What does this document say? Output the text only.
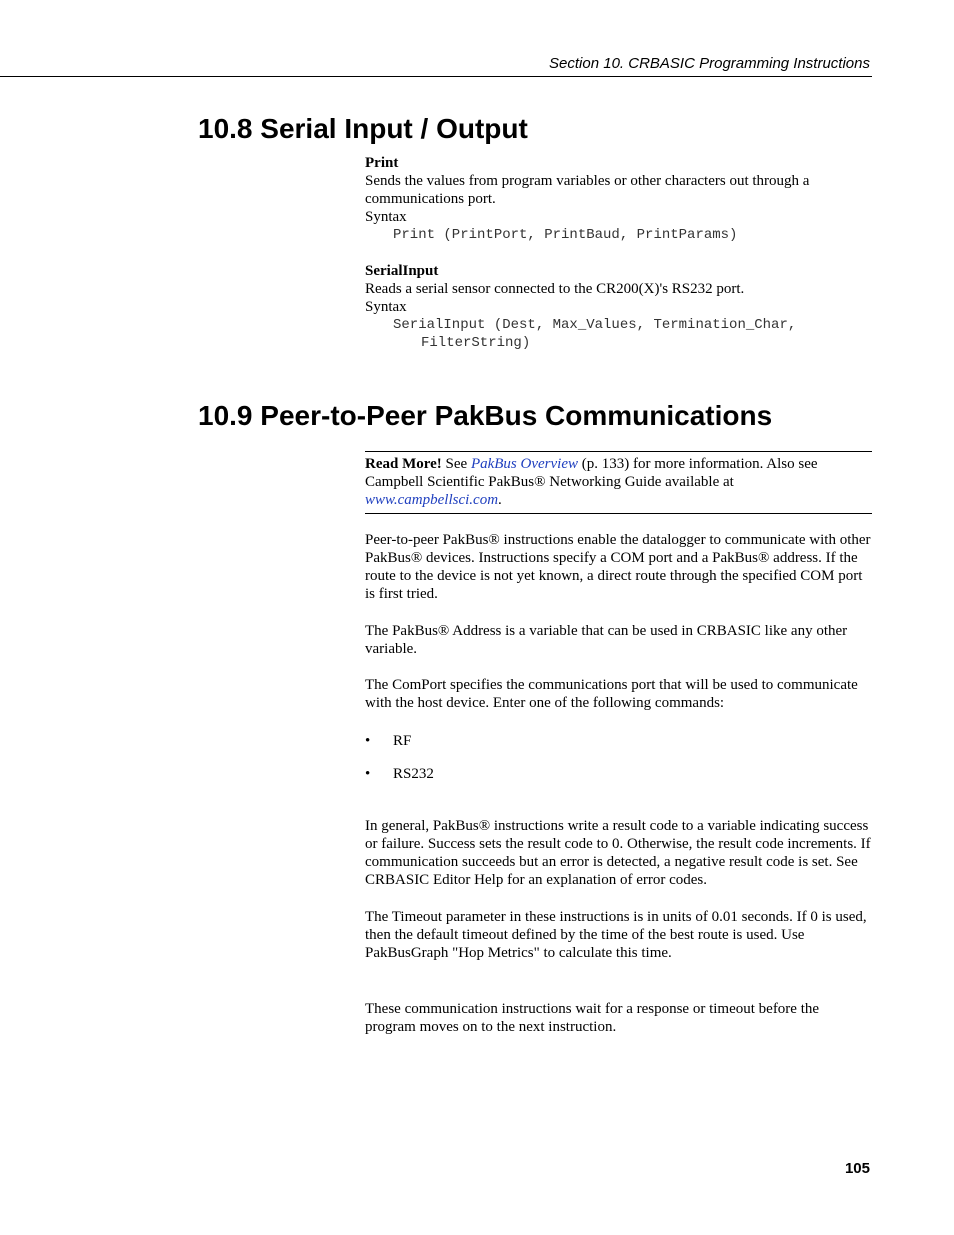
Section 10. CRBASIC Programming Instructions
10.8 Serial Input / Output

Print

Sends the values from program variables or other characters out through a communications port.

Syntax

Print (PrintPort, PrintBaud, PrintParams)

SerialInput

Reads a serial sensor connected to the CR200(X)'s RS232 port.

Syntax

SerialInput (Dest, Max_Values, Termination_Char,
FilterString)
10.9 Peer-to-Peer PakBus Communications
Read More! See PakBus Overview (p. 133) for more information. Also see Campbell Scientific PakBus® Networking Guide available at www.campbellsci.com.

Peer-to-peer PakBus® instructions enable the datalogger to communicate with other PakBus® devices. Instructions specify a COM port and a PakBus® address. If the route to the device is not yet known, a direct route through the specified COM port is first tried.

The PakBus® Address is a variable that can be used in CRBASIC like any other variable.

The ComPort specifies the communications port that will be used to communicate with the host device. Enter one of the following commands:

• RF
• RS232

In general, PakBus® instructions write a result code to a variable indicating success or failure. Success sets the result code to 0. Otherwise, the result code increments. If communication succeeds but an error is detected, a negative result code is set. See CRBASIC Editor Help for an explanation of error codes.

The Timeout parameter in these instructions is in units of 0.01 seconds. If 0 is used, then the default timeout defined by the time of the best route is used. Use PakBusGraph "Hop Metrics" to calculate this time.

These communication instructions wait for a response or timeout before the program moves on to the next instruction.

105
